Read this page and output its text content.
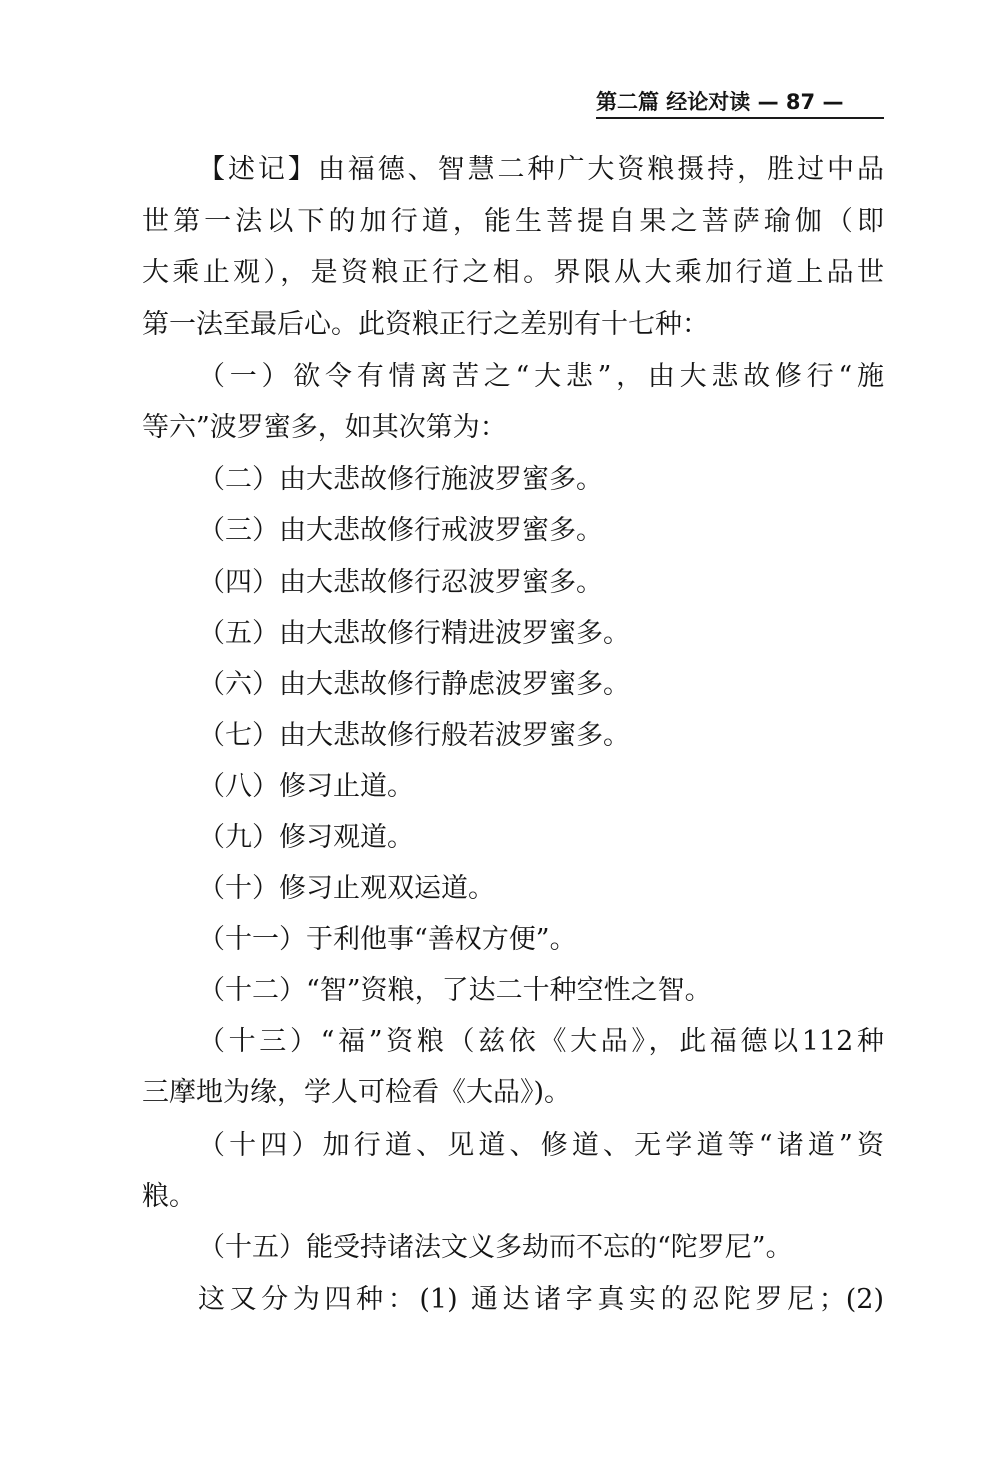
第二篇 经论对读 — 87 —
【述记】由福德、智慧二种广大资粮摄持，胜过中品
世第一法以下的加行道，能生菩提自果之菩萨瑜伽（即
大乘止观），是资粮正行之相。界限从大乘加行道上品世
第一法至最后心。此资粮正行之差别有十七种：
（一）欲令有情离苦之“大悲”，由大悲故修行“施
等六”波罗蜜多，如其次第为：
（二）由大悲故修行施波罗蜜多。
（三）由大悲故修行戒波罗蜜多。
（四）由大悲故修行忍波罗蜜多。
（五）由大悲故修行精进波罗蜜多。
（六）由大悲故修行静虑波罗蜜多。
（七）由大悲故修行般若波罗蜜多。
（八）修习止道。
（九）修习观道。
（十）修习止观双运道。
（十一）于利他事“善权方便”。
（十二）“智”资粮，了达二十种空性之智。
（十三）“福”资粮（兹依《大品》，此福德以112种
三摩地为缘，学人可检看《大品》)。
（十四）加行道、见道、修道、无学道等“诸道”资
粮。
（十五）能受持诸法文义多劫而不忘的“陀罗尼”。
这又分为四种：(1) 通达诸字真实的忍陀罗尼；(2)
